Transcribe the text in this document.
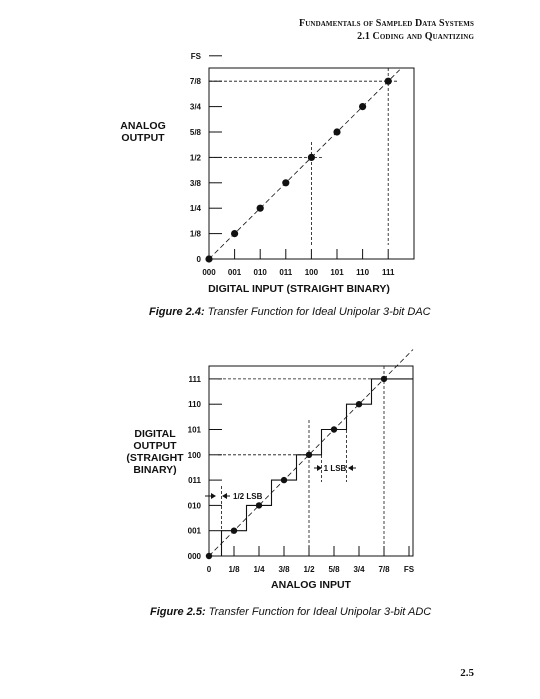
Fundamentals of Sampled Data Systems
2.1 Coding and Quantizing
0
1/8
1/4
3/8
1/2
5/8
3/4
7/8
FS
000 001 010 011 100 101 110 111
DIGITAL INPUT (STRAIGHT BINARY)
ANALOG
OUTPUT
000
001
010
011
100
101
110
111
0 1/8 1/4 3/8 1/2 5/8 3/4 7/8 FS
1/2 LSB
1 LSB
ANALOG INPUT
DIGITAL
OUTPUT
(STRAIGHT
BINARY)
Figure 2.4: Transfer Function for Ideal Unipolar 3-bit DAC
Figure 2.5: Transfer Function for Ideal Unipolar 3-bit ADC
2.5
